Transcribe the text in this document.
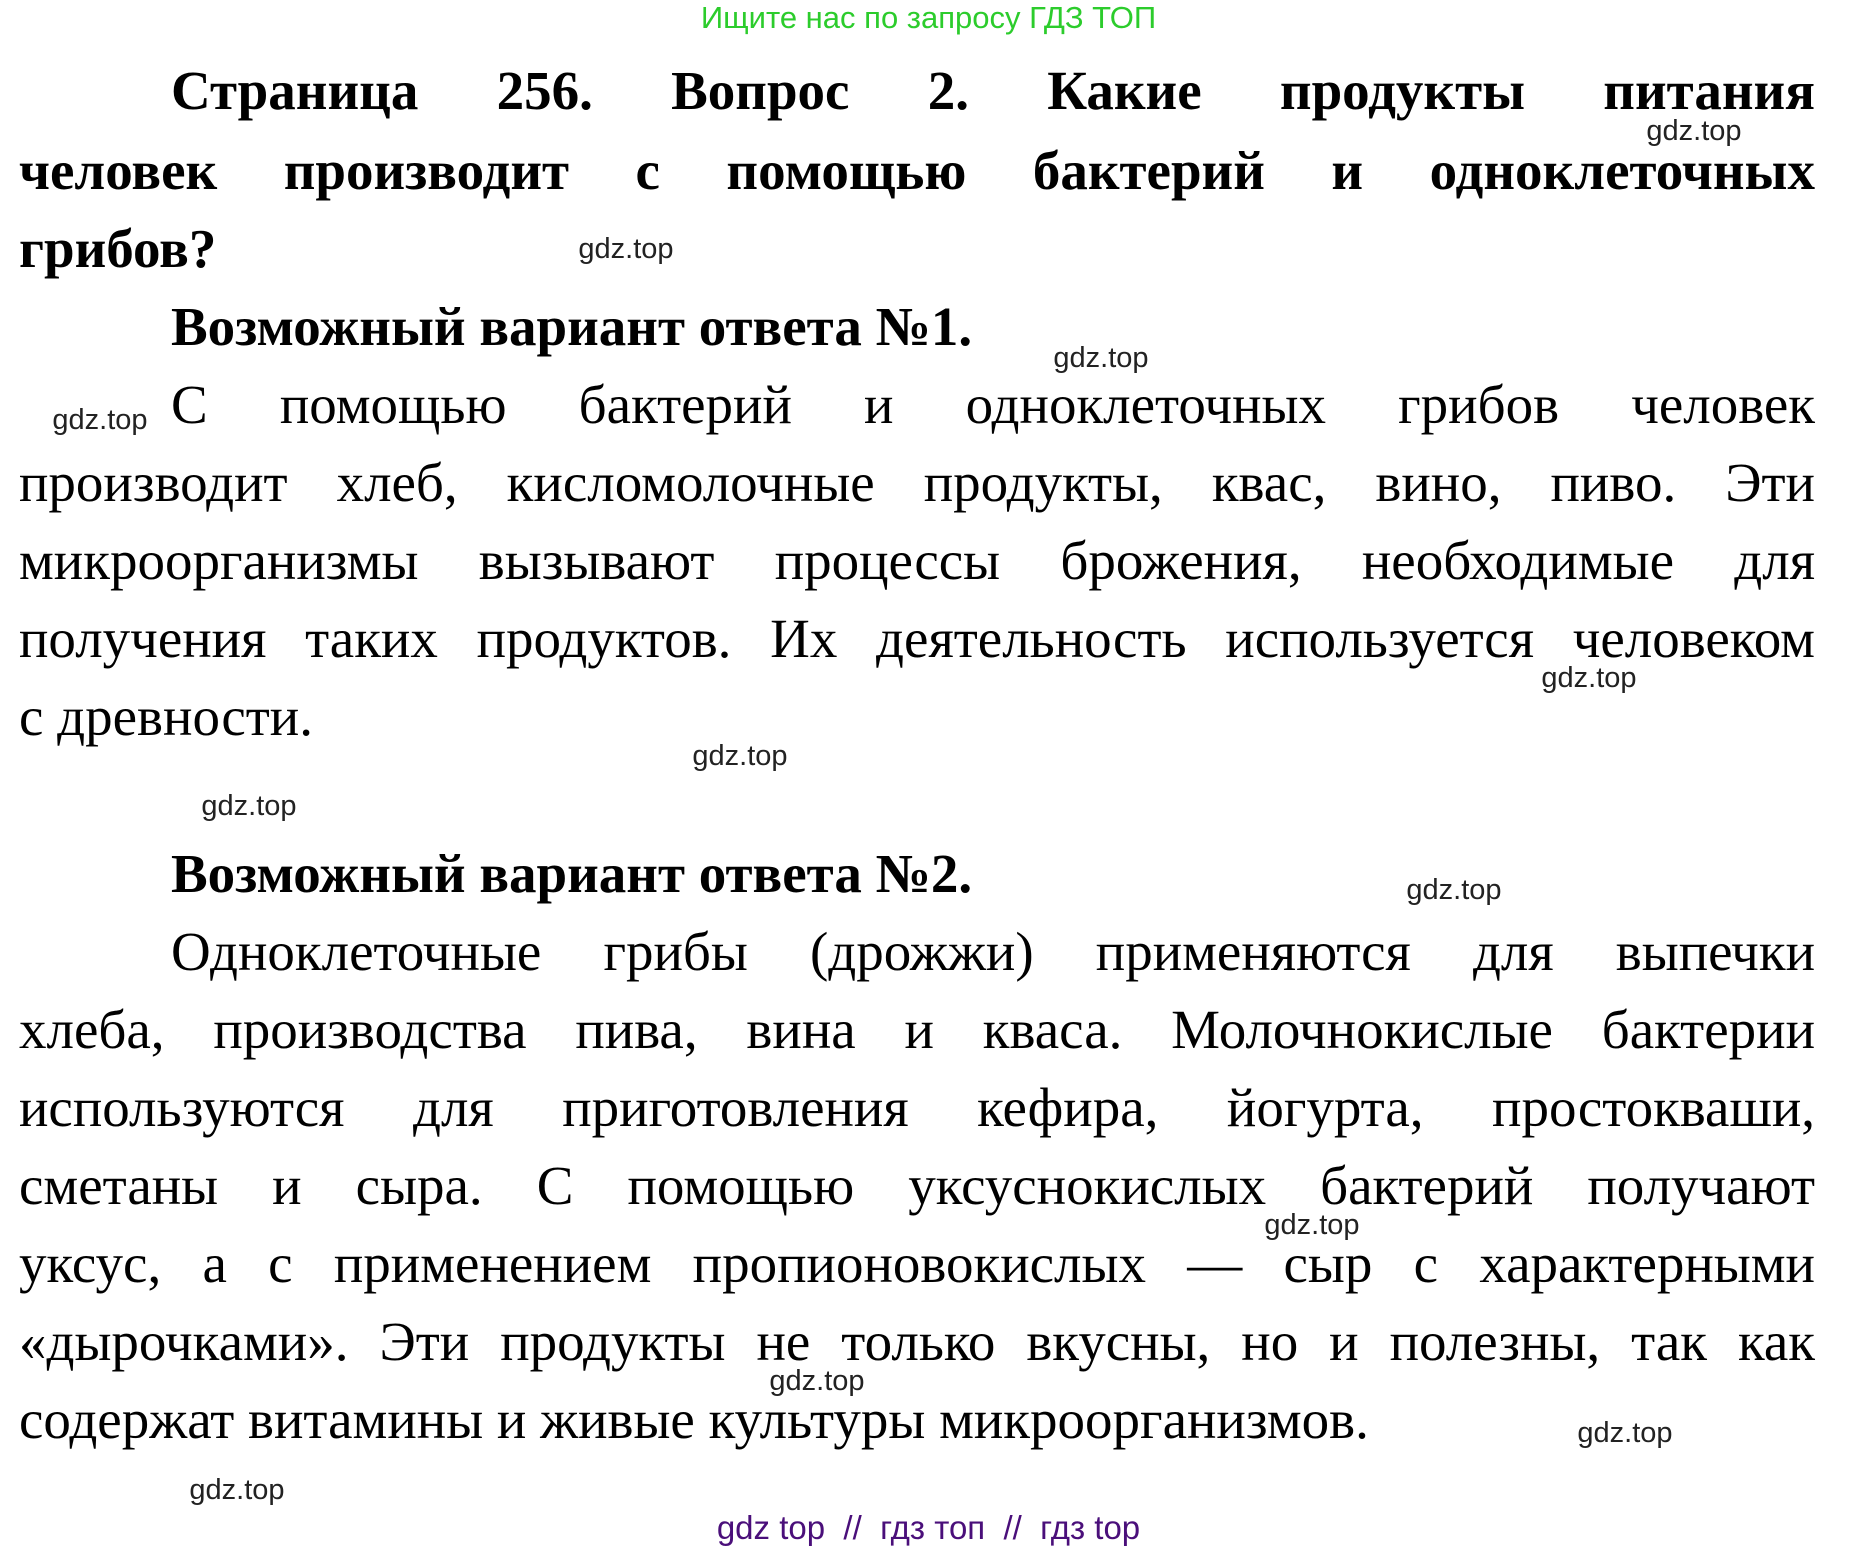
Ищите нас по запросу ГДЗ ТОП
Страница 256. Вопрос 2. Какие продукты питания
человек производит с помощью бактерий и одноклеточных
грибов?
Возможный вариант ответа №1.
С помощью бактерий и одноклеточных грибов человек
производит хлеб, кисломолочные продукты, квас, вино, пиво. Эти
микроорганизмы вызывают процессы брожения, необходимые для
получения таких продуктов. Их деятельность используется человеком
с древности.
Возможный вариант ответа №2.
Одноклеточные грибы (дрожжи) применяются для выпечки
хлеба, производства пива, вина и кваса. Молочнокислые бактерии
используются для приготовления кефира, йогурта, простокваши,
сметаны и сыра. С помощью уксуснокислых бактерий получают
уксус, а с применением пропионовокислых — сыр с характерными
«дырочками». Эти продукты не только вкусны, но и полезны, так как
содержат витамины и живые культуры микроорганизмов.
gdz.top
gdz.top
gdz.top
gdz.top
gdz.top
gdz.top
gdz.top
gdz.top
gdz.top
gdz.top
gdz.top
gdz.top
gdz top  //  гдз топ  //  гдз top
